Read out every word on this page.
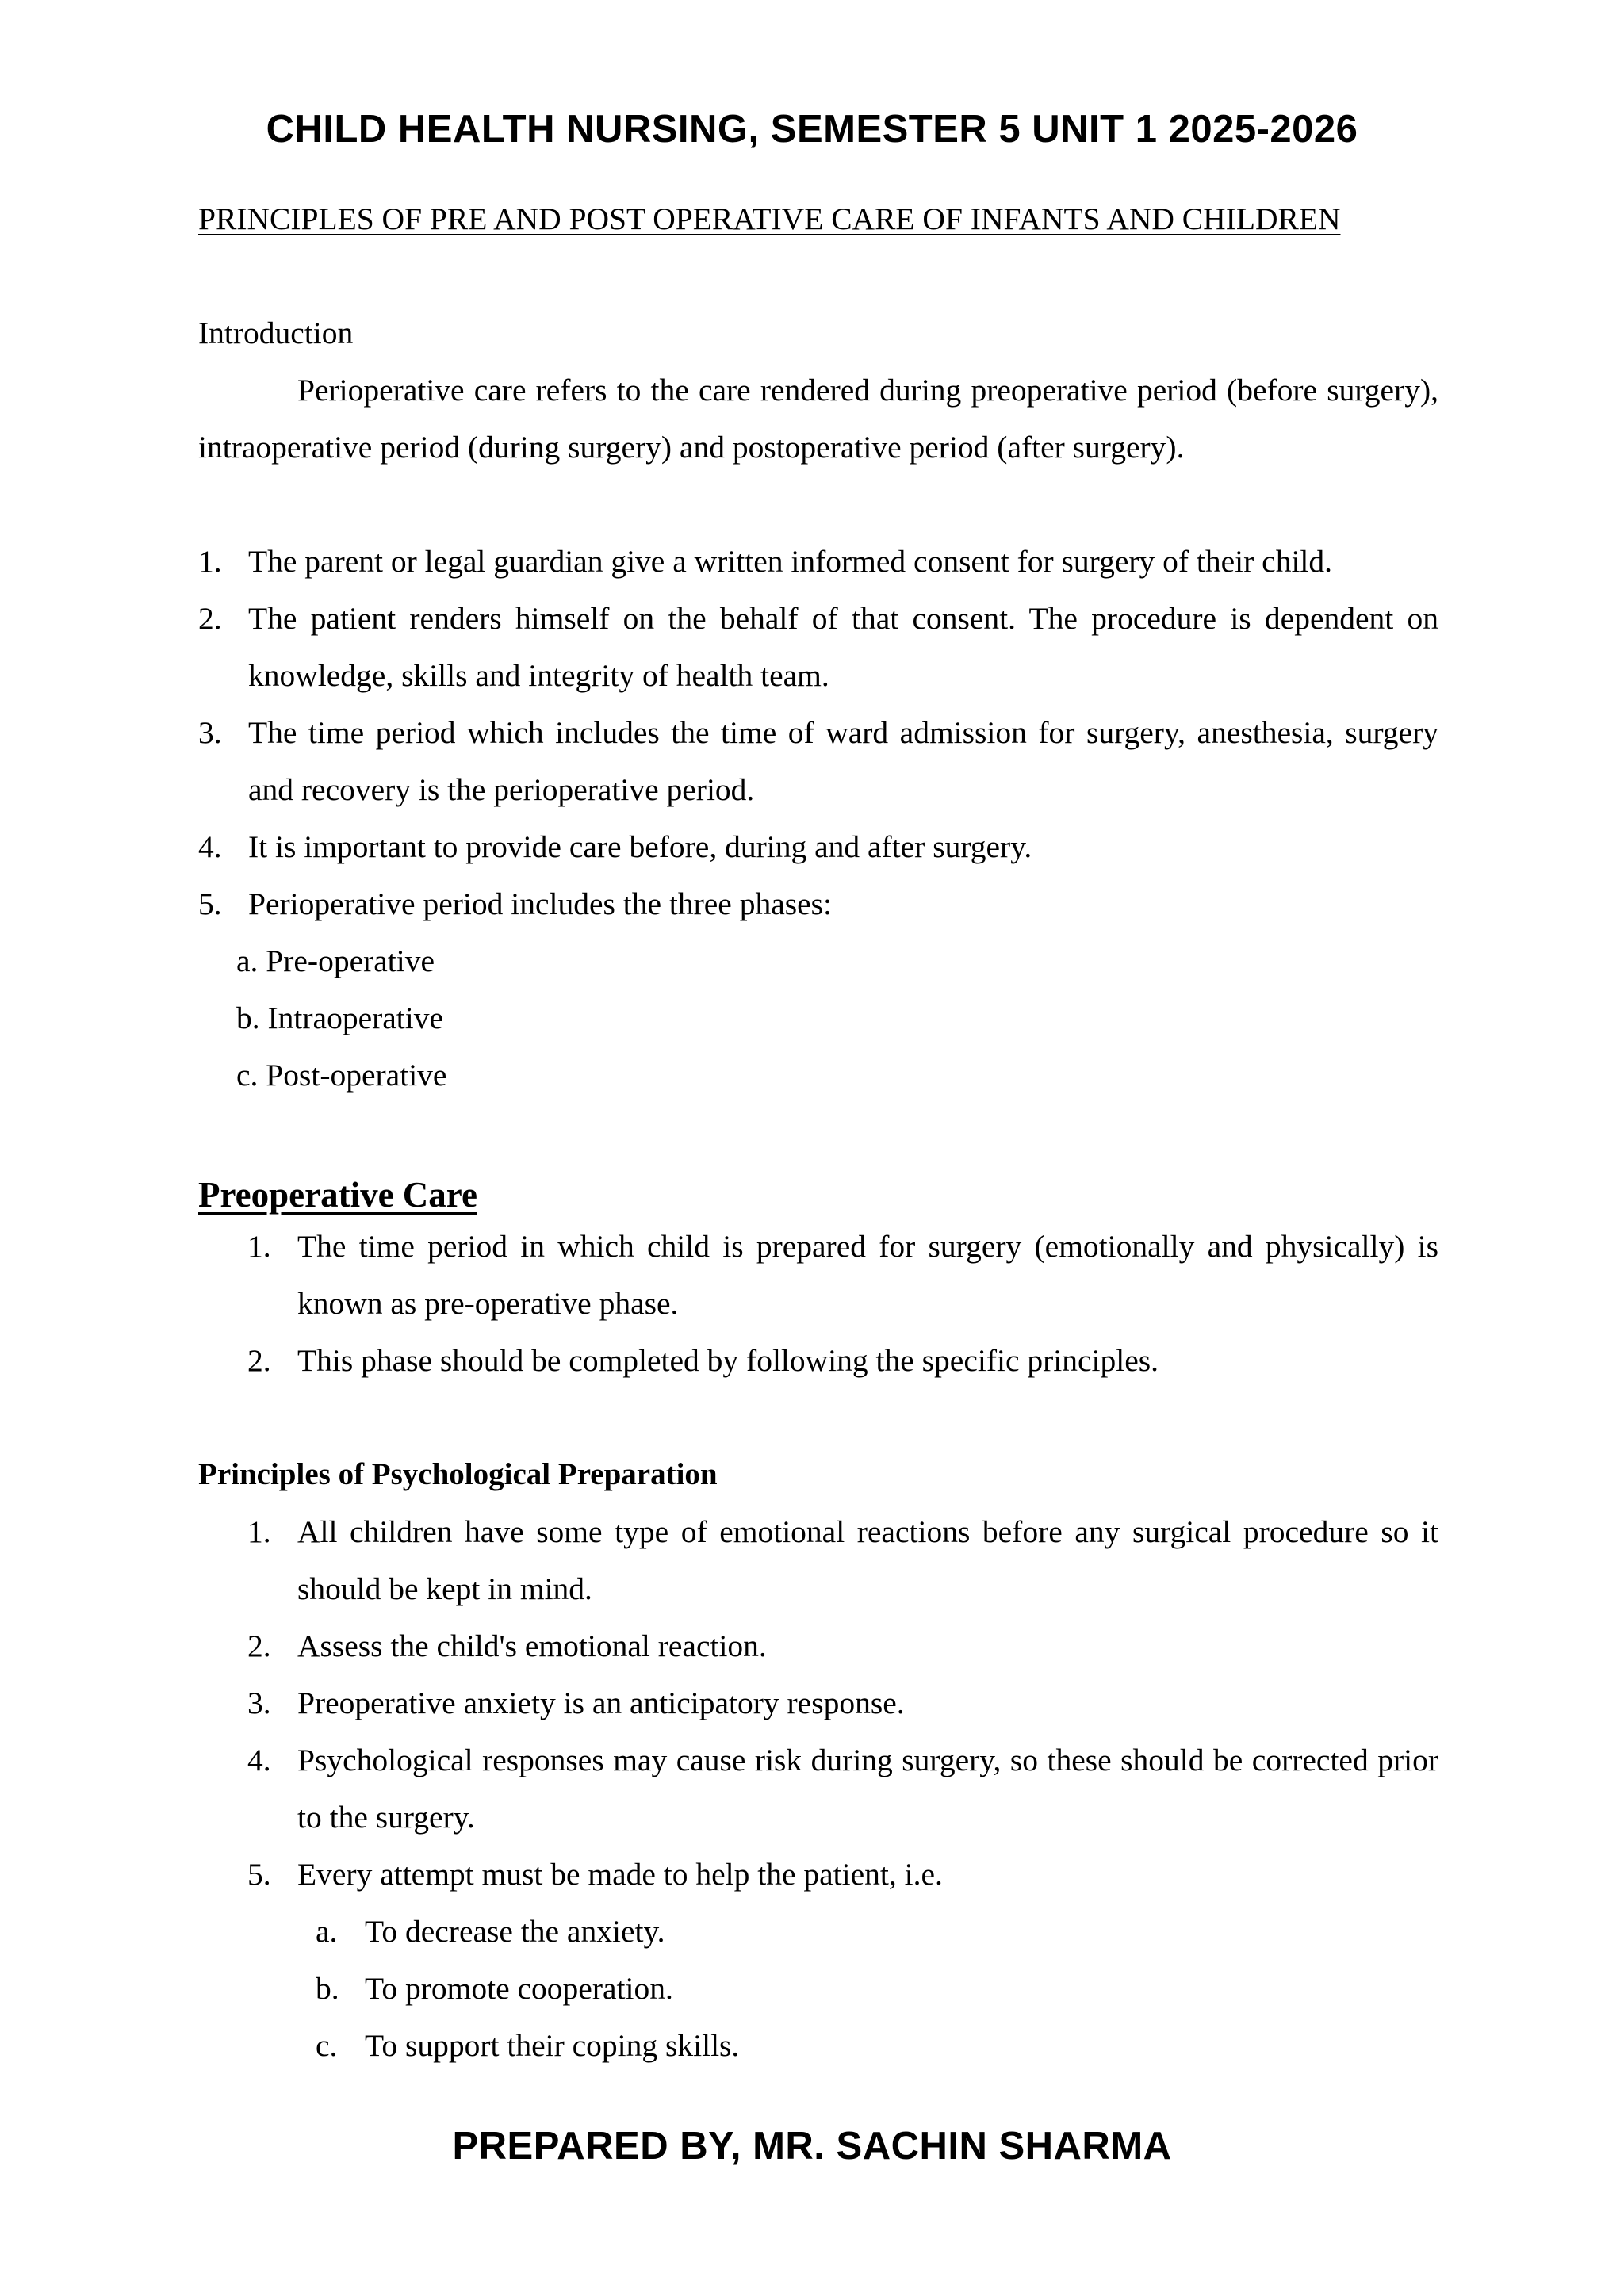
CHILD HEALTH NURSING, SEMESTER 5 UNIT 1 2025-2026

PRINCIPLES OF PRE AND POST OPERATIVE CARE OF INFANTS AND CHILDREN

Introduction

Perioperative care refers to the care rendered during preoperative period (before surgery), intraoperative period (during surgery) and postoperative period (after surgery).

1. The parent or legal guardian give a written informed consent for surgery of their child.
2. The patient renders himself on the behalf of that consent. The procedure is dependent on knowledge, skills and integrity of health team.
3. The time period which includes the time of ward admission for surgery, anesthesia, surgery and recovery is the perioperative period.
4. It is important to provide care before, during and after surgery.
5. Perioperative period includes the three phases:

a. Pre-operative

b. Intraoperative

c. Post-operative

Preoperative Care

1. The time period in which child is prepared for surgery (emotionally and physically) is known as pre-operative phase.
2. This phase should be completed by following the specific principles.

Principles of Psychological Preparation

1. All children have some type of emotional reactions before any surgical procedure so it should be kept in mind.
2. Assess the child's emotional reaction.
3. Preoperative anxiety is an anticipatory response.
4. Psychological responses may cause risk during surgery, so these should be corrected prior to the surgery.
5. Every attempt must be made to help the patient, i.e.
a. To decrease the anxiety.
b. To promote cooperation.
c. To support their coping skills.
PREPARED BY, MR. SACHIN SHARMA
